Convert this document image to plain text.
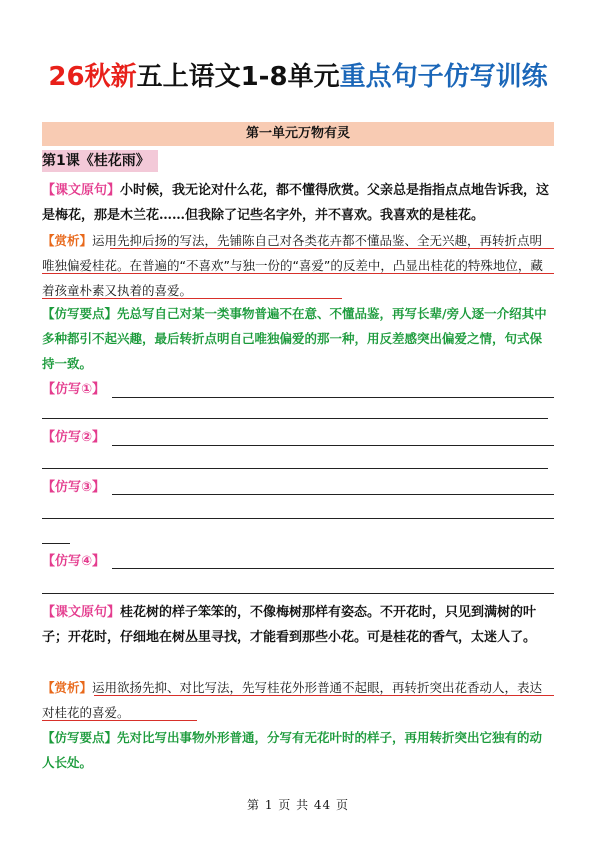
26秋新五上语文1-8单元重点句子仿写训练
第一单元万物有灵
第1课《桂花雨》
【课文原句】小时候，我无论对什么花，都不懂得欣赏。父亲总是指指点点地告诉我，这是梅花，那是木兰花……但我除了记些名字外，并不喜欢。我喜欢的是桂花。
【赏析】运用先抑后扬的写法，先铺陈自己对各类花卉都不懂品鉴、全无兴趣，再转折点明唯独偏爱桂花。在普遍的“不喜欢”与独一份的“喜爱”的反差中，凸显出桂花的特殊地位，藏着孩童朴素又执着的喜爱。
【仿写要点】先总写自己对某一类事物普遍不在意、不懂品鉴，再写长辈/旁人逐一介绍其中多种都引不起兴趣，最后转折点明自己唯独偏爱的那一种，用反差感突出偏爱之情，句式保持一致。
【仿写①】
【仿写②】
【仿写③】
【仿写④】
【课文原句】桂花树的样子笨笨的，不像梅树那样有姿态。不开花时，只见到满树的叶子；开花时，仔细地在树丛里寻找，才能看到那些小花。可是桂花的香气，太迷人了。
【赏析】运用欲扬先抑、对比写法，先写桂花外形普通不起眼，再转折突出花香动人，表达对桂花的喜爱。
【仿写要点】先对比写出事物外形普通，分写有无花叶时的样子，再用转折突出它独有的动人长处。
第 1 页 共 44 页
